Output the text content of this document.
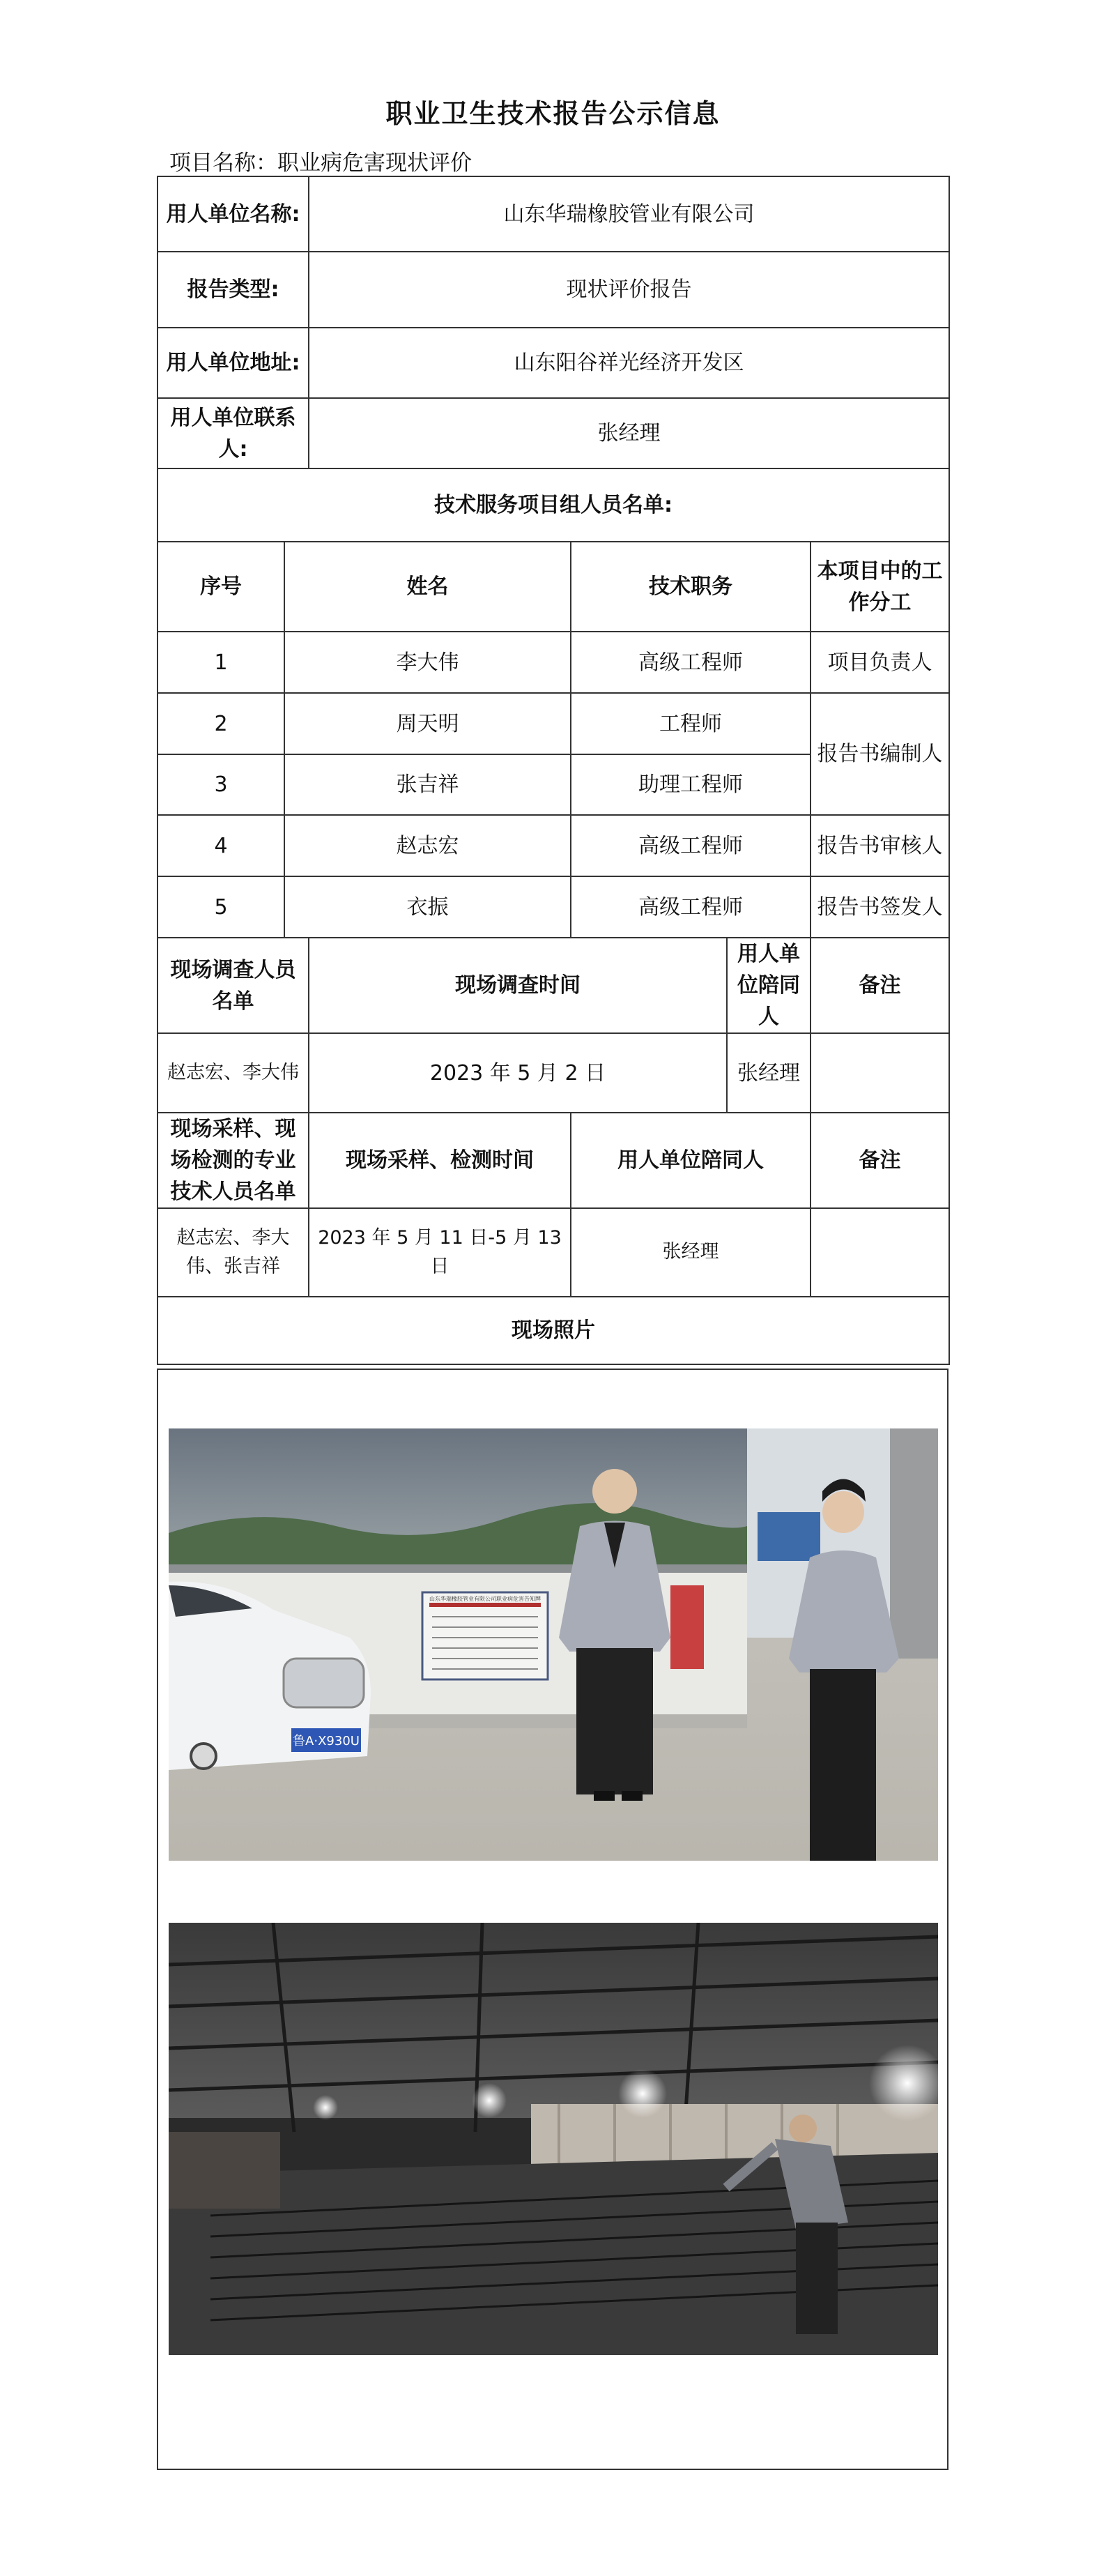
职业卫生技术报告公示信息
项目名称：职业病危害现状评价
用人单位名称:		山东华瑞橡胶管业有限公司			
报告类型:		现状评价报告			
用人单位地址:		山东阳谷祥光经济开发区			
用人单位联系人:		张经理			
技术服务项目组人员名单:					
序号	姓名		技术职务		本项目中的工作分工
1	李大伟		高级工程师		项目负责人
2	周天明		工程师		报告书编制人
3	张吉祥		助理工程师		
4	赵志宏		高级工程师		报告书审核人
5	衣振		高级工程师		报告书签发人
现场调查人员名单		现场调查时间		用人单位陪同人	备注
赵志宏、李大伟		2023 年 5 月 2 日		张经理	
现场采样、现场检测的专业技术人员名单		现场采样、检测时间	用人单位陪同人		备注
赵志宏、李大伟、张吉祥		2023 年 5 月 11 日-5 月 13 日	张经理		
现场照片					
山东华瑞橡胶管业有限公司职业病危害告知牌
鲁A·X930U
